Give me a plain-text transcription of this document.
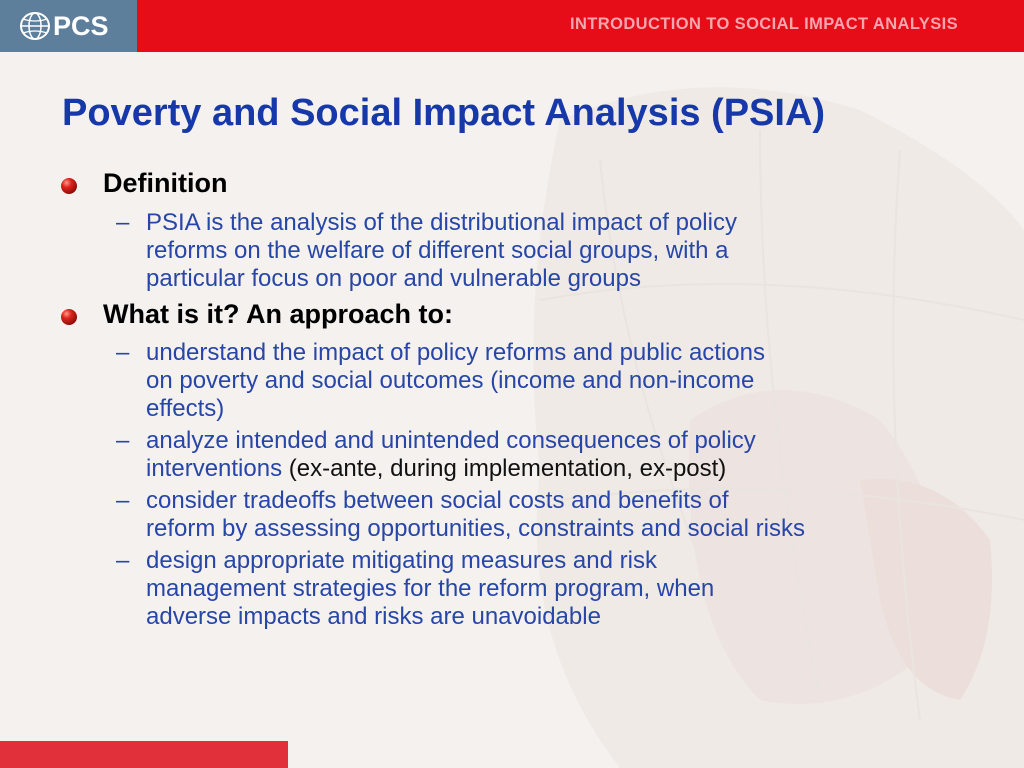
PCS	INTRODUCTION TO SOCIAL IMPACT ANALYSIS
Poverty and Social Impact Analysis (PSIA)
Definition
– PSIA is the analysis of the distributional impact of policy
reforms on the welfare of different social groups, with a
particular focus on poor and vulnerable groups
What is it? An approach to:
– understand the impact of policy reforms and public actions
on poverty and social outcomes (income and non-income
effects)
– analyze intended and unintended consequences of policy
interventions (ex-ante, during implementation, ex-post)
– consider tradeoffs between social costs and benefits of
reform by assessing opportunities, constraints and social risks
– design appropriate mitigating measures and risk
management strategies for the reform program, when
adverse impacts and risks are unavoidable
